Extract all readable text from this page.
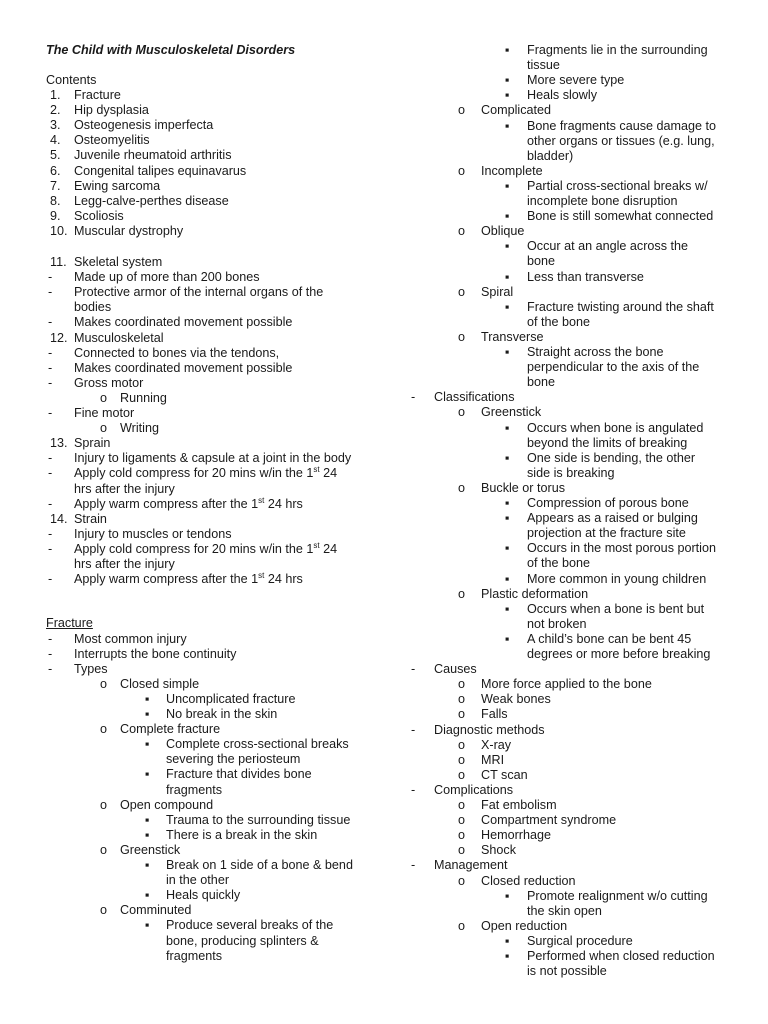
The Child with Musculoskeletal Disorders
Contents
1. Fracture
2. Hip dysplasia
3. Osteogenesis imperfecta
4. Osteomyelitis
5. Juvenile rheumatoid arthritis
6. Congenital talipes equinavarus
7. Ewing sarcoma
8. Legg-calve-perthes disease
9. Scoliosis
10. Muscular dystrophy
11. Skeletal system
- Made up of more than 200 bones
- Protective armor of the internal organs of the
bodies
- Makes coordinated movement possible
12. Musculoskeletal
- Connected to bones via the tendons,
- Makes coordinated movement possible
- Gross motor
o Running
- Fine motor
o Writing
13. Sprain
- Injury to ligaments & capsule at a joint in the body
- Apply cold compress for 20 mins w/in the 1st 24
hrs after the injury
- Apply warm compress after the 1st 24 hrs
14. Strain
- Injury to muscles or tendons
- Apply cold compress for 20 mins w/in the 1st 24
hrs after the injury
- Apply warm compress after the 1st 24 hrs
Fracture
- Most common injury
- Interrupts the bone continuity
- Types
o Closed simple
▪ Uncomplicated fracture
▪ No break in the skin
o Complete fracture
▪ Complete cross-sectional breaks
severing the periosteum
▪ Fracture that divides bone
fragments
o Open compound
▪ Trauma to the surrounding tissue
▪ There is a break in the skin
o Greenstick
▪ Break on 1 side of a bone & bend
in the other
▪ Heals quickly
o Comminuted
▪ Produce several breaks of the
bone, producing splinters &
fragments
▪ Fragments lie in the surrounding
tissue
▪ More severe type
▪ Heals slowly
o Complicated
▪ Bone fragments cause damage to
other organs or tissues (e.g. lung,
bladder)
o Incomplete
▪ Partial cross-sectional breaks w/
incomplete bone disruption
▪ Bone is still somewhat connected
o Oblique
▪ Occur at an angle across the
bone
▪ Less than transverse
o Spiral
▪ Fracture twisting around the shaft
of the bone
o Transverse
▪ Straight across the bone
perpendicular to the axis of the
bone
- Classifications
o Greenstick
▪ Occurs when bone is angulated
beyond the limits of breaking
▪ One side is bending, the other
side is breaking
o Buckle or torus
▪ Compression of porous bone
▪ Appears as a raised or bulging
projection at the fracture site
▪ Occurs in the most porous portion
of the bone
▪ More common in young children
o Plastic deformation
▪ Occurs when a bone is bent but
not broken
▪ A child’s bone can be bent 45
degrees or more before breaking
- Causes
o More force applied to the bone
o Weak bones
o Falls
- Diagnostic methods
o X-ray
o MRI
o CT scan
- Complications
o Fat embolism
o Compartment syndrome
o Hemorrhage
o Shock
- Management
o Closed reduction
▪ Promote realignment w/o cutting
the skin open
o Open reduction
▪ Surgical procedure
▪ Performed when closed reduction
is not possible
